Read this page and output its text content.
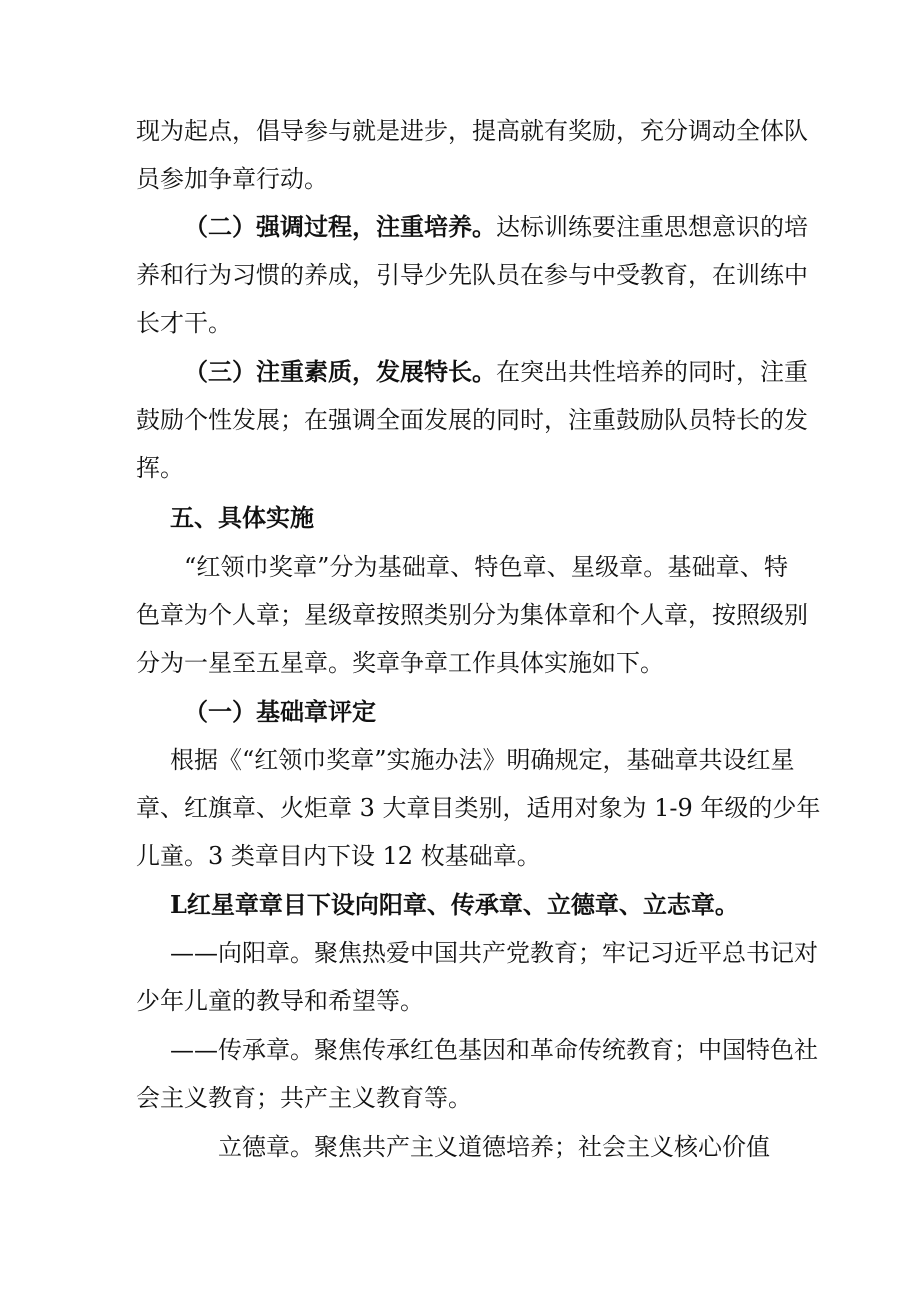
现为起点，倡导参与就是进步，提高就有奖励，充分调动全体队
员参加争章行动。
（二）强调过程，注重培养。达标训练要注重思想意识的培
养和行为习惯的养成，引导少先队员在参与中受教育，在训练中
长才干。
（三）注重素质，发展特长。在突出共性培养的同时，注重
鼓励个性发展；在强调全面发展的同时，注重鼓励队员特长的发
挥。
五、具体实施
“红领巾奖章”分为基础章、特色章、星级章。基础章、特
色章为个人章；星级章按照类别分为集体章和个人章，按照级别
分为一星至五星章。奖章争章工作具体实施如下。
（一）基础章评定
根据《“红领巾奖章”实施办法》明确规定，基础章共设红星
章、红旗章、火炬章 3 大章目类别，适用对象为 1-9 年级的少年
儿童。3 类章目内下设 12 枚基础章。
L红星章章目下设向阳章、传承章、立德章、立志章。
——向阳章。聚焦热爱中国共产党教育；牢记习近平总书记对
少年儿童的教导和希望等。
——传承章。聚焦传承红色基因和革命传统教育；中国特色社
会主义教育；共产主义教育等。
立德章。聚焦共产主义道德培养；社会主义核心价值
